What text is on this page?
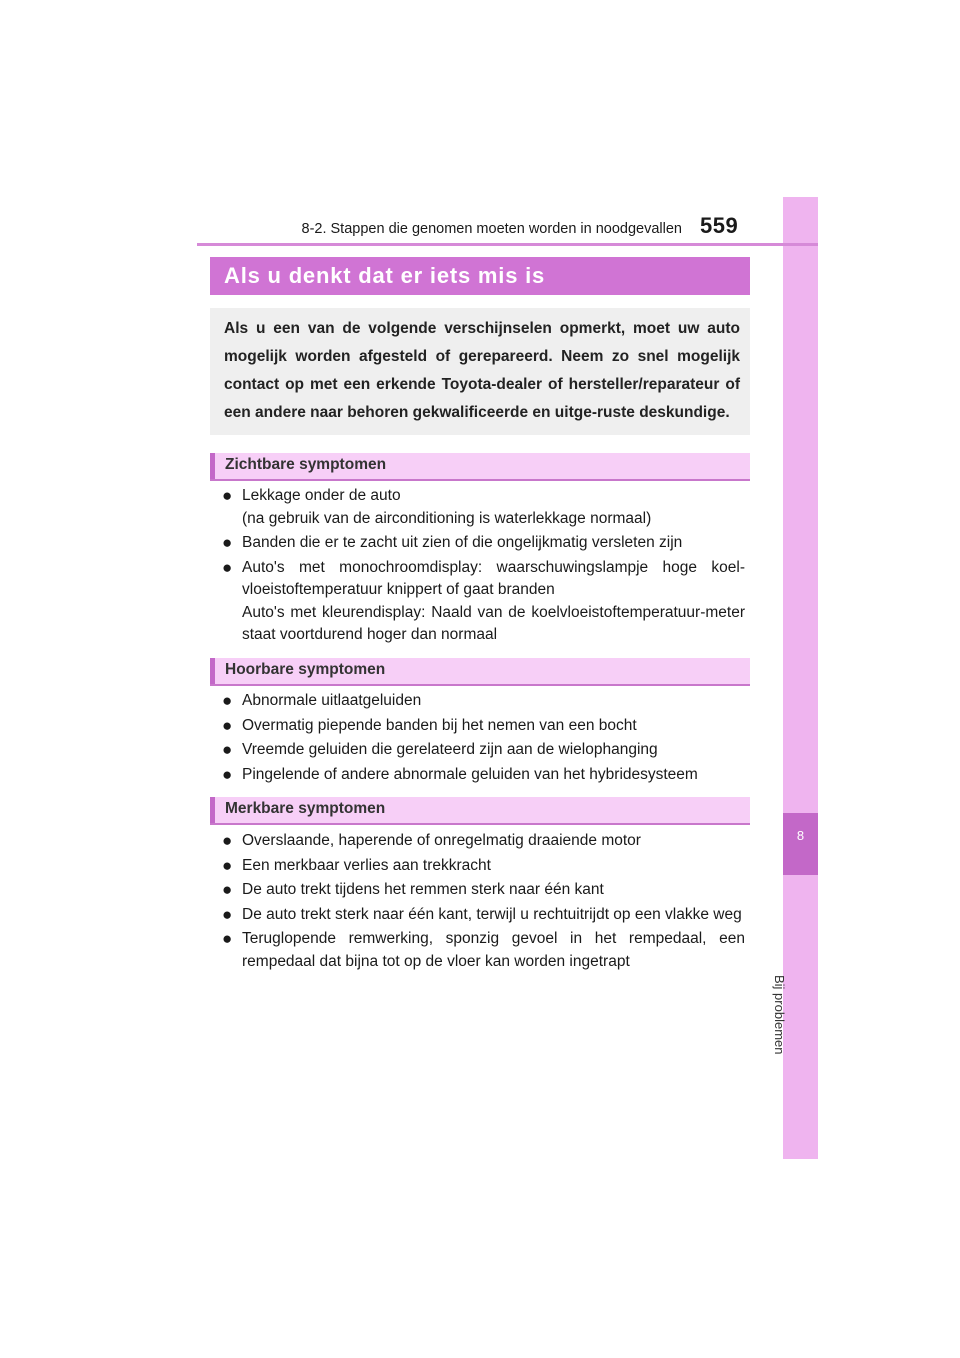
8
Bij problemen
8-2. Stappen die genomen moeten worden in noodgevallen 559
Als u denkt dat er iets mis is

Als u een van de volgende verschijnselen opmerkt, moet uw auto mogelijk worden afgesteld of gerepareerd. Neem zo snel mogelijk contact op met een erkende Toyota-dealer of hersteller/reparateur of een andere naar behoren gekwalificeerde en uitge-ruste deskundige.

Zichtbare symptomen
● Lekkage onder de auto
(na gebruik van de airconditioning is waterlekkage normaal)
● Banden die er te zacht uit zien of die ongelijkmatig versleten zijn
● Auto's met monochroomdisplay: waarschuwingslampje hoge koel-vloeistoftemperatuur knippert of gaat branden
Auto's met kleurendisplay: Naald van de koelvloeistoftemperatuur-meter staat voortdurend hoger dan normaal
Hoorbare symptomen
● Abnormale uitlaatgeluiden
● Overmatig piepende banden bij het nemen van een bocht
● Vreemde geluiden die gerelateerd zijn aan de wielophanging
● Pingelende of andere abnormale geluiden van het hybridesysteem
Merkbare symptomen
● Overslaande, haperende of onregelmatig draaiende motor
● Een merkbaar verlies aan trekkracht
● De auto trekt tijdens het remmen sterk naar één kant
● De auto trekt sterk naar één kant, terwijl u rechtuitrijdt op een vlakke weg
● Teruglopende remwerking, sponzig gevoel in het rempedaal, een rempedaal dat bijna tot op de vloer kan worden ingetrapt
